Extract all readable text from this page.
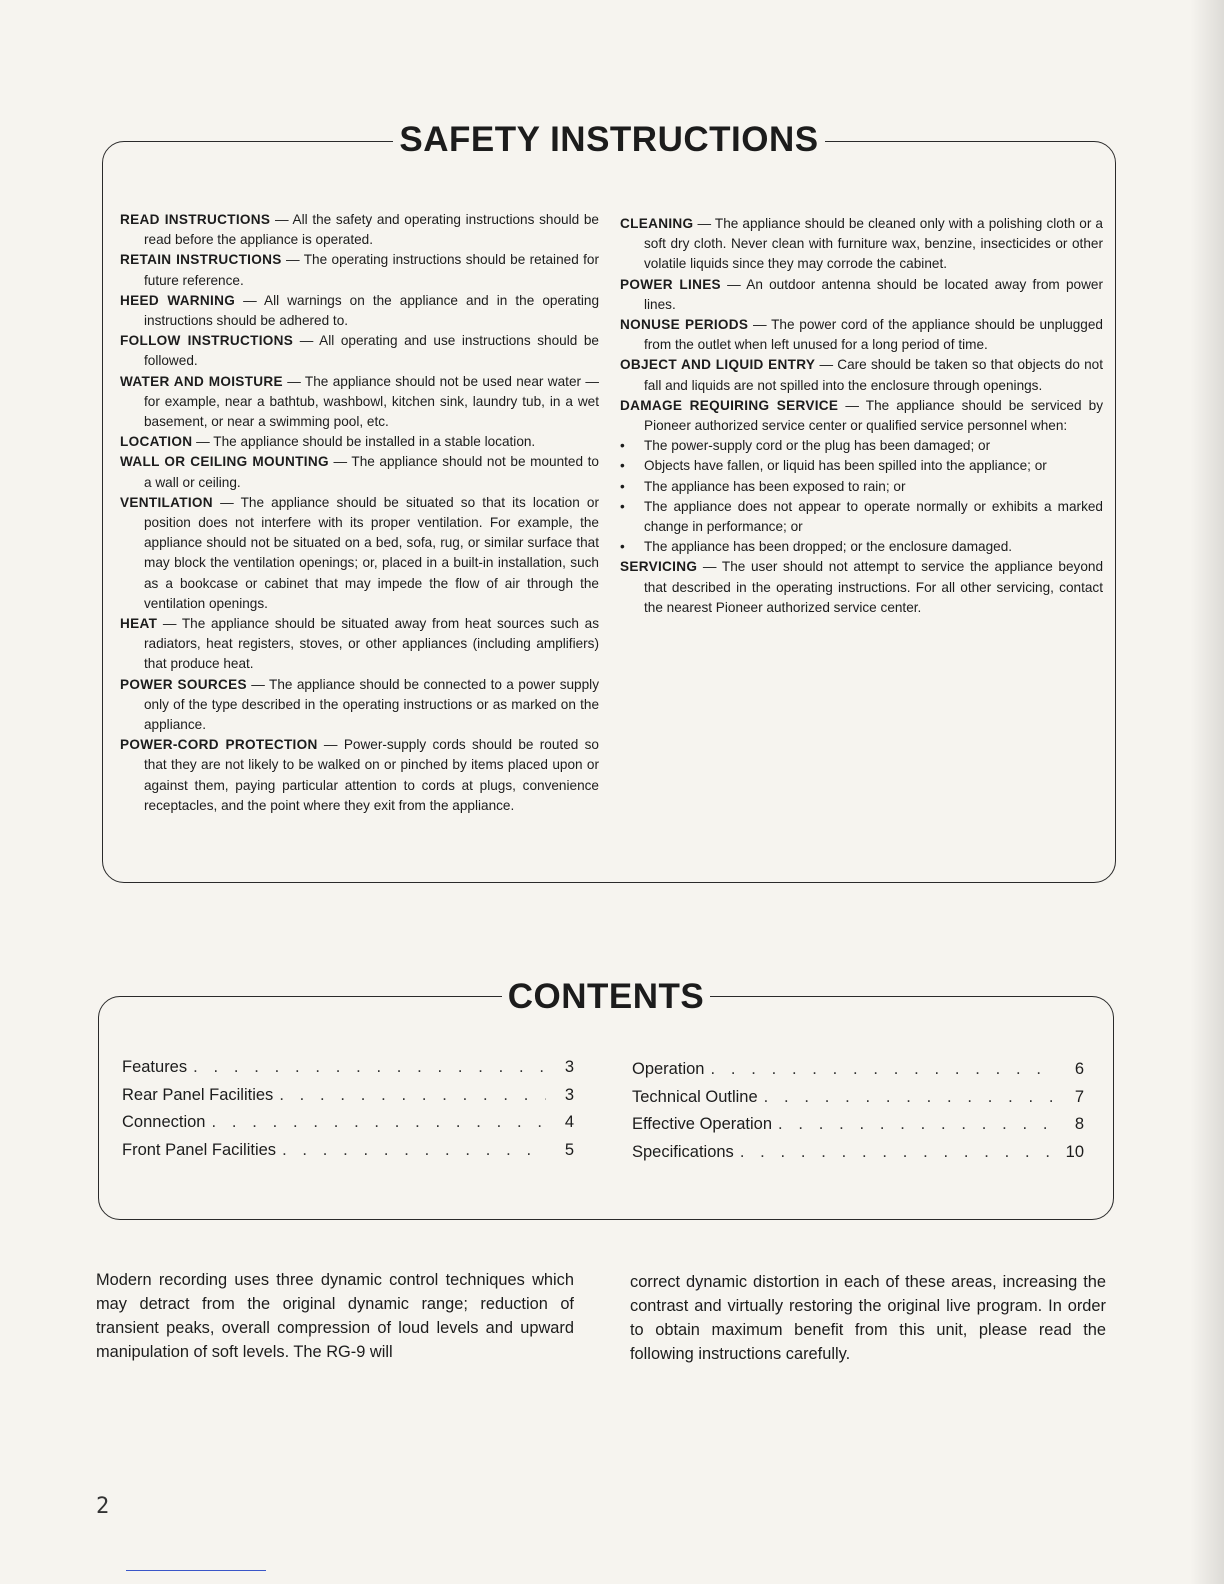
SAFETY INSTRUCTIONS

READ INSTRUCTIONS — All the safety and operating instructions should be read before the appliance is operated.

RETAIN INSTRUCTIONS — The operating instructions should be retained for future reference.

HEED WARNING — All warnings on the appliance and in the operating instructions should be adhered to.

FOLLOW INSTRUCTIONS — All operating and use instructions should be followed.

WATER AND MOISTURE — The appliance should not be used near water — for example, near a bathtub, washbowl, kitchen sink, laundry tub, in a wet basement, or near a swimming pool, etc.

LOCATION — The appliance should be installed in a stable location.

WALL OR CEILING MOUNTING — The appliance should not be mounted to a wall or ceiling.

VENTILATION — The appliance should be situated so that its location or position does not interfere with its proper ventilation. For example, the appliance should not be situated on a bed, sofa, rug, or similar surface that may block the ventilation openings; or, placed in a built-in installation, such as a bookcase or cabinet that may impede the flow of air through the ventilation openings.

HEAT — The appliance should be situated away from heat sources such as radiators, heat registers, stoves, or other appliances (including amplifiers) that produce heat.

POWER SOURCES — The appliance should be connected to a power supply only of the type described in the operating instructions or as marked on the appliance.

POWER-CORD PROTECTION — Power-supply cords should be routed so that they are not likely to be walked on or pinched by items placed upon or against them, paying particular attention to cords at plugs, convenience receptacles, and the point where they exit from the appliance.

CLEANING — The appliance should be cleaned only with a polishing cloth or a soft dry cloth. Never clean with furniture wax, benzine, insecticides or other volatile liquids since they may corrode the cabinet.

POWER LINES — An outdoor antenna should be located away from power lines.

NONUSE PERIODS — The power cord of the appliance should be unplugged from the outlet when left unused for a long period of time.

OBJECT AND LIQUID ENTRY — Care should be taken so that objects do not fall and liquids are not spilled into the enclosure through openings.

DAMAGE REQUIRING SERVICE — The appliance should be serviced by Pioneer authorized service center or qualified service personnel when:

•	The power-supply cord or the plug has been damaged; or
•	Objects have fallen, or liquid has been spilled into the appliance; or
•	The appliance has been exposed to rain; or
•	The appliance does not appear to operate normally or exhibits a marked change in performance; or
•	The appliance has been dropped; or the enclosure damaged.

SERVICING — The user should not attempt to service the appliance beyond that described in the operating instructions. For all other servicing, contact the nearest Pioneer authorized service center.

CONTENTS
Features . . .	3
Rear Panel Facilities . . .	3
Connection . . .	4
Front Panel Facilities . . .	5
Operation . . .	6
Technical Outline . . .	7
Effective Operation . . .	8
Specifications . . .	10
Modern recording uses three dynamic control techniques which may detract from the original dynamic range; reduction of transient peaks, overall compression of loud levels and upward manipulation of soft levels. The RG-9 will
correct dynamic distortion in each of these areas, increasing the contrast and virtually restoring the original live program. In order to obtain maximum benefit from this unit, please read the following instructions carefully.
2
